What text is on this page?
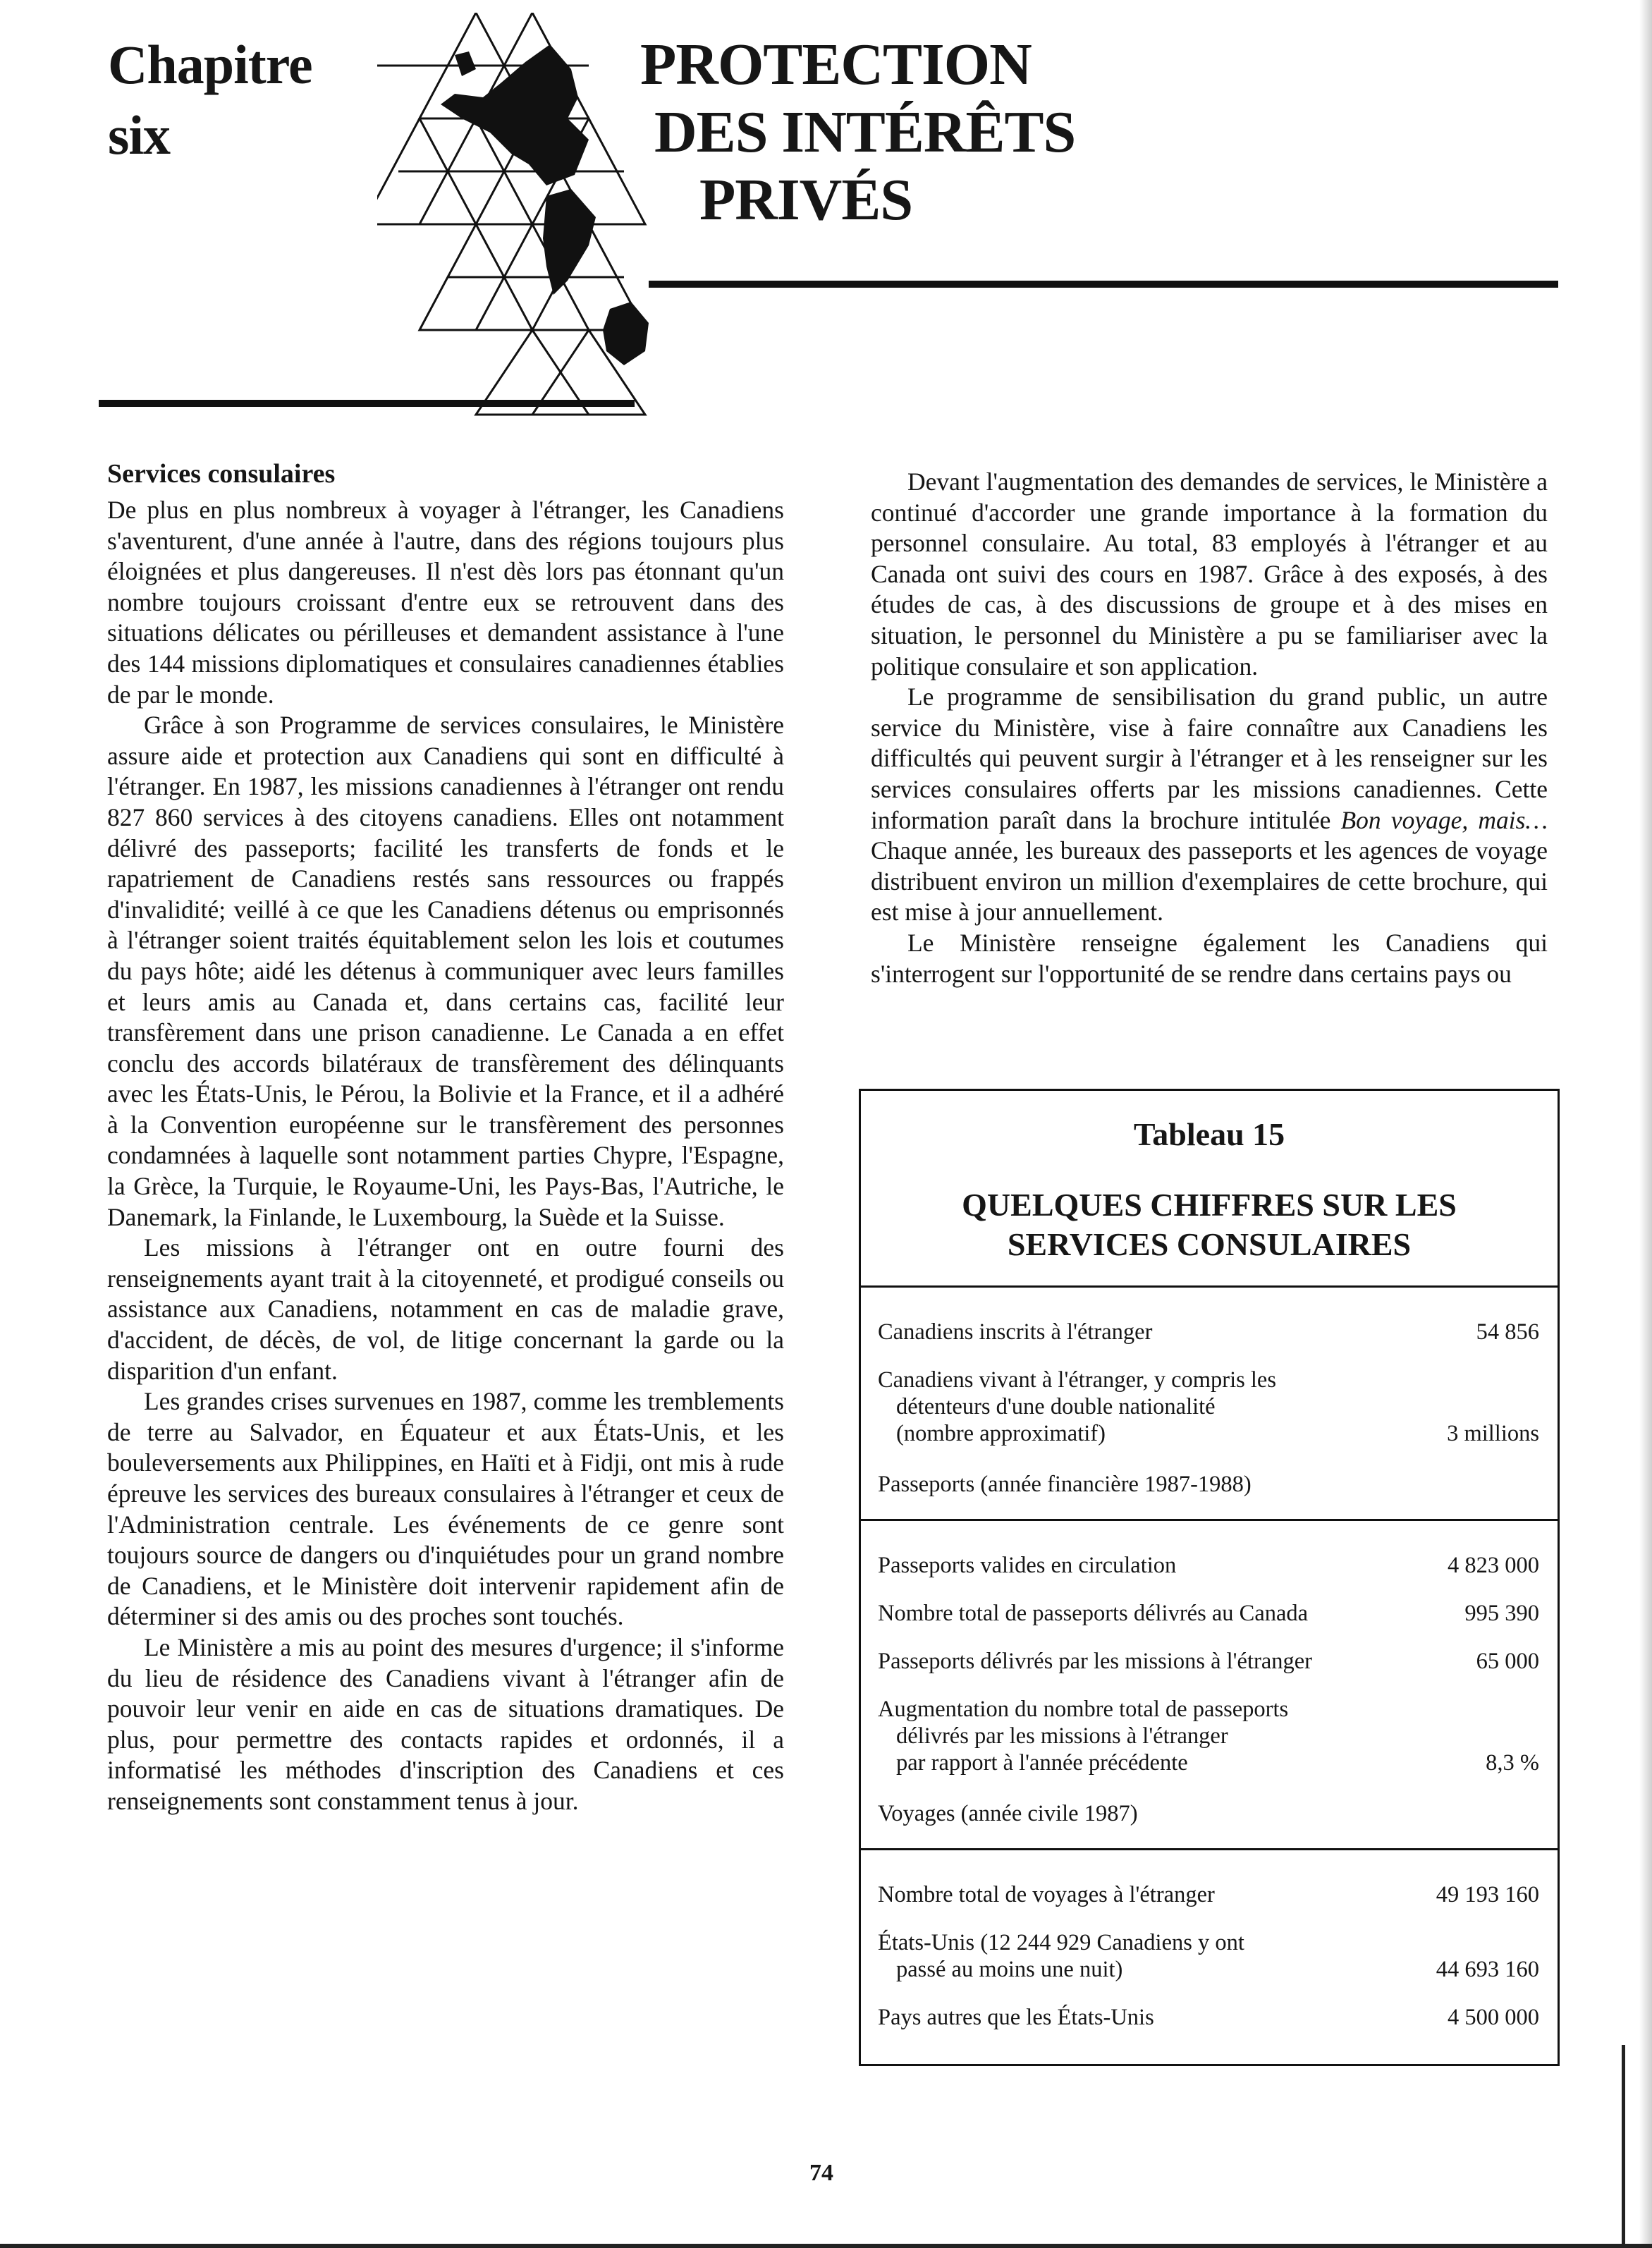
Chapitre
six
PROTECTION
DES INTÉRÊTS
PRIVÉS
Services consulaires

De plus en plus nombreux à voyager à l'étranger, les Canadiens s'aventurent, d'une année à l'autre, dans des régions toujours plus éloignées et plus dangereuses. Il n'est dès lors pas étonnant qu'un nombre toujours croissant d'entre eux se retrouvent dans des situations délicates ou périlleuses et demandent assistance à l'une des 144 missions diplomatiques et consulaires canadiennes établies de par le monde.

Grâce à son Programme de services consulaires, le Ministère assure aide et protection aux Canadiens qui sont en difficulté à l'étranger. En 1987, les missions canadiennes à l'étranger ont rendu 827 860 services à des citoyens canadiens. Elles ont notamment délivré des passeports; facilité les transferts de fonds et le rapatriement de Canadiens restés sans ressources ou frappés d'invalidité; veillé à ce que les Canadiens détenus ou emprisonnés à l'étranger soient traités équitablement selon les lois et coutumes du pays hôte; aidé les détenus à communiquer avec leurs familles et leurs amis au Canada et, dans certains cas, facilité leur transfèrement dans une prison canadienne. Le Canada a en effet conclu des accords bilatéraux de transfèrement des délinquants avec les États-Unis, le Pérou, la Bolivie et la France, et il a adhéré à la Convention européenne sur le transfèrement des personnes condamnées à laquelle sont notamment parties Chypre, l'Espagne, la Grèce, la Turquie, le Royaume-Uni, les Pays-Bas, l'Autriche, le Danemark, la Finlande, le Luxembourg, la Suède et la Suisse.

Les missions à l'étranger ont en outre fourni des renseignements ayant trait à la citoyenneté, et prodigué conseils ou assistance aux Canadiens, notamment en cas de maladie grave, d'accident, de décès, de vol, de litige concernant la garde ou la disparition d'un enfant.

Les grandes crises survenues en 1987, comme les tremblements de terre au Salvador, en Équateur et aux États-Unis, et les bouleversements aux Philippines, en Haïti et à Fidji, ont mis à rude épreuve les services des bureaux consulaires à l'étranger et ceux de l'Administration centrale. Les événements de ce genre sont toujours source de dangers ou d'inquiétudes pour un grand nombre de Canadiens, et le Ministère doit intervenir rapidement afin de déterminer si des amis ou des proches sont touchés.

Le Ministère a mis au point des mesures d'urgence; il s'informe du lieu de résidence des Canadiens vivant à l'étranger afin de pouvoir leur venir en aide en cas de situations dramatiques. De plus, pour permettre des contacts rapides et ordonnés, il a informatisé les méthodes d'inscription des Canadiens et ces renseignements sont constamment tenus à jour.

Devant l'augmentation des demandes de services, le Ministère a continué d'accorder une grande importance à la formation du personnel consulaire. Au total, 83 employés à l'étranger et au Canada ont suivi des cours en 1987. Grâce à des exposés, à des études de cas, à des discussions de groupe et à des mises en situation, le personnel du Ministère a pu se familiariser avec la politique consulaire et son application.

Le programme de sensibilisation du grand public, un autre service du Ministère, vise à faire connaître aux Canadiens les difficultés qui peuvent surgir à l'étranger et à les renseigner sur les services consulaires offerts par les missions canadiennes. Cette information paraît dans la brochure intitulée Bon voyage, mais… Chaque année, les bureaux des passeports et les agences de voyage distribuent environ un million d'exemplaires de cette brochure, qui est mise à jour annuellement.

Le Ministère renseigne également les Canadiens qui s'interrogent sur l'opportunité de se rendre dans certains pays ou

Tableau 15
QUELQUES CHIFFRES SUR LES
SERVICES CONSULAIRES
Canadiens inscrits à l'étranger	54 856
Canadiens vivant à l'étranger, y compris les
détenteurs d'une double nationalité
(nombre approximatif)	3 millions
Passeports (année financière 1987-1988)
Passeports valides en circulation	4 823 000
Nombre total de passeports délivrés au Canada	995 390
Passeports délivrés par les missions à l'étranger	65 000
Augmentation du nombre total de passeports
délivrés par les missions à l'étranger
par rapport à l'année précédente	8,3 %
Voyages (année civile 1987)
Nombre total de voyages à l'étranger	49 193 160
États-Unis (12 244 929 Canadiens y ont
passé au moins une nuit)	44 693 160
Pays autres que les États-Unis	4 500 000
74
